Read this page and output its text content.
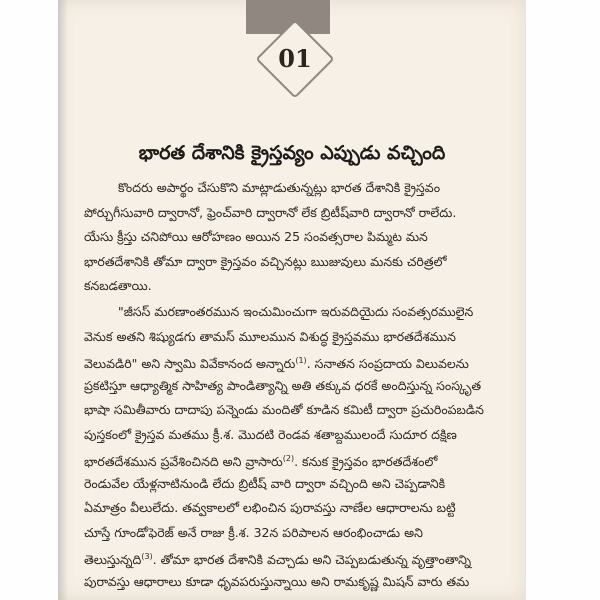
01
భారత దేశానికి క్రైస్తవ్యం ఎప్పుడు వచ్చింది
కొందరు అపార్థం చేసుకొని మాట్లాడుతున్నట్లు భారత దేశానికి క్రైస్తవం
పోర్చుగీసువారి ద్వారానో, ఫ్రెంచ్‌వారి ద్వారానో లేక బ్రిటీష్‌వారి ద్వారానో రాలేదు.
యేసు క్రీస్తు చనిపోయి ఆరోహణం అయిన 25 సంవత్సరాల పిమ్మట మన
భారతదేశానికి తోమా ద్వారా క్రైస్తవం వచ్చినట్లు ఋజువులు మనకు చరిత్రలో
కనబడతాయి.
"జీసస్ మరణాంతరమున ఇంచుమించుగా ఇరువదియైదు సంవత్సరములైన
వెనుక అతని శిష్యుడగు తామస్ మూలమున విశుద్ధ క్రైస్తవము భారతదేశమున
వెలువడిరి" అని స్వామి వివేకానంద అన్నారు$^{(1)}$. సనాతన సంప్రదాయ విలువలను
ప్రకటిస్తూ ఆధ్యాత్మిక సాహిత్య పాండిత్యాన్ని అతి తక్కువ ధరకే అందిస్తున్న సంస్కృత
భాషా సమితీవారు దాదాపు పన్నెండు మందితో కూడిన కమిటీ ద్వారా ప్రచురింపబడిన
పుస్తకంలో క్రైస్తవ మతము క్రీ.శ. మొదటి రెండవ శతాబ్దములందే సుదూర దక్షిణ
భారతదేశమున ప్రవేశించినది అని వ్రాసారు$^{(2)}$. కనుక క్రైస్తవం భారతదేశంలో
రెండువేల యేళ్లనాటినుండి లేదు బ్రిటీష్ వారి ద్వారా వచ్చింది అని చెప్పడానికి
ఏమాత్రం వీలులేదు. తవ్వకాలలో లభించిన పురావస్తు నాణేల ఆధారాలను బట్టి
చూస్తే గూండోఫెరెజ్ అనే రాజు క్రీ.శ. 32న పరిపాలన ఆరంభించాడు అని
తెలుస్తున్నది$^{(3)}$. తోమా భారత దేశానికి వచ్చాడు అని చెప్పబడుతున్న వృత్తాంతాన్ని
పురావస్తు ఆధారాలు కూడా ధృవపరుస్తున్నాయి అని రామకృష్ణ మిషన్ వారు తమ
